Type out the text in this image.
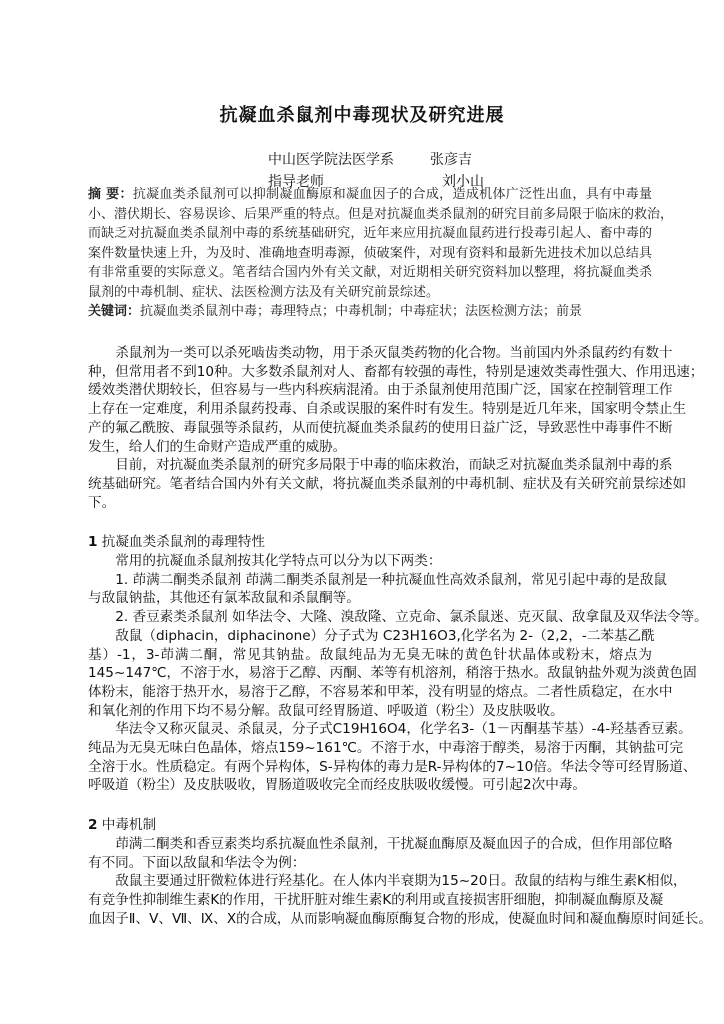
抗凝血杀鼠剂中毒现状及研究进展
中山医学院法医学系	张彦吉
指导老师	刘小山
摘 要：抗凝血类杀鼠剂可以抑制凝血酶原和凝血因子的合成，造成机体广泛性出血，具有中毒量
小、潜伏期长、容易误诊、后果严重的特点。但是对抗凝血类杀鼠剂的研究目前多局限于临床的救治，
而缺乏对抗凝血类杀鼠剂中毒的系统基础研究，近年来应用抗凝血鼠药进行投毒引起人、畜中毒的
案件数量快速上升，为及时、准确地查明毒源，侦破案件，对现有资料和最新先进技术加以总结具
有非常重要的实际意义。笔者结合国内外有关文献，对近期相关研究资料加以整理，将抗凝血类杀
鼠剂的中毒机制、症状、法医检测方法及有关研究前景综述。
关键词：抗凝血类杀鼠剂中毒；毒理特点；中毒机制；中毒症状；法医检测方法；前景
杀鼠剂为一类可以杀死啮齿类动物，用于杀灭鼠类药物的化合物。当前国内外杀鼠药约有数十
种，但常用者不到10种。大多数杀鼠剂对人、畜都有较强的毒性，特别是速效类毒性强大、作用迅速；
缓效类潜伏期较长，但容易与一些内科疾病混淆。由于杀鼠剂使用范围广泛，国家在控制管理工作
上存在一定难度，利用杀鼠药投毒、自杀或误服的案件时有发生。特别是近几年来，国家明令禁止生
产的氟乙酰胺、毒鼠强等杀鼠药，从而使抗凝血类杀鼠药的使用日益广泛，导致恶性中毒事件不断
发生，给人们的生命财产造成严重的威胁。
目前，对抗凝血类杀鼠剂的研究多局限于中毒的临床救治，而缺乏对抗凝血类杀鼠剂中毒的系
统基础研究。笔者结合国内外有关文献，将抗凝血类杀鼠剂的中毒机制、症状及有关研究前景综述如
下。
1 抗凝血类杀鼠剂的毒理特性
常用的抗凝血杀鼠剂按其化学特点可以分为以下两类：
1. 茚满二酮类杀鼠剂 茚满二酮类杀鼠剂是一种抗凝血性高效杀鼠剂，常见引起中毒的是敌鼠
与敌鼠钠盐，其他还有氯苯敌鼠和杀鼠酮等。
2. 香豆素类杀鼠剂 如华法令、大隆、溴敌隆、立克命、氯杀鼠迷、克灭鼠、敌拿鼠及双华法令等。
敌鼠（diphacin，diphacinone）分子式为 C23H16O3,化学名为 2-（2,2，-二苯基乙酰
基）-1，3-茚满二酮，常见其钠盐。敌鼠纯品为无臭无味的黄色针状晶体或粉末，熔点为
145~147℃，不溶于水，易溶于乙醇、丙酮、苯等有机溶剂，稍溶于热水。敌鼠钠盐外观为淡黄色固
体粉末，能溶于热开水，易溶于乙醇，不容易苯和甲苯，没有明显的熔点。二者性质稳定，在水中
和氧化剂的作用下均不易分解。敌鼠可经胃肠道、呼吸道（粉尘）及皮肤吸收。
华法令又称灭鼠灵、杀鼠灵，分子式C19H16O4，化学名3-（1－丙酮基苄基）-4-羟基香豆素。
纯品为无臭无味白色晶体，熔点159~161℃。不溶于水，中毒溶于醇类，易溶于丙酮，其钠盐可完
全溶于水。性质稳定。有两个异构体，S-异构体的毒力是R-异构体的7~10倍。华法令等可经胃肠道、
呼吸道（粉尘）及皮肤吸收，胃肠道吸收完全而经皮肤吸收缓慢。可引起2次中毒。
2 中毒机制
茚满二酮类和香豆素类均系抗凝血性杀鼠剂，干扰凝血酶原及凝血因子的合成，但作用部位略
有不同。下面以敌鼠和华法令为例：
敌鼠主要通过肝微粒体进行羟基化。在人体内半衰期为15~20日。敌鼠的结构与维生素K相似，
有竞争性抑制维生素K的作用，干扰肝脏对维生素K的利用或直接损害肝细胞，抑制凝血酶原及凝
血因子Ⅱ、Ⅴ、Ⅶ、Ⅸ、Ⅹ的合成，从而影响凝血酶原酶复合物的形成，使凝血时间和凝血酶原时间延长。
